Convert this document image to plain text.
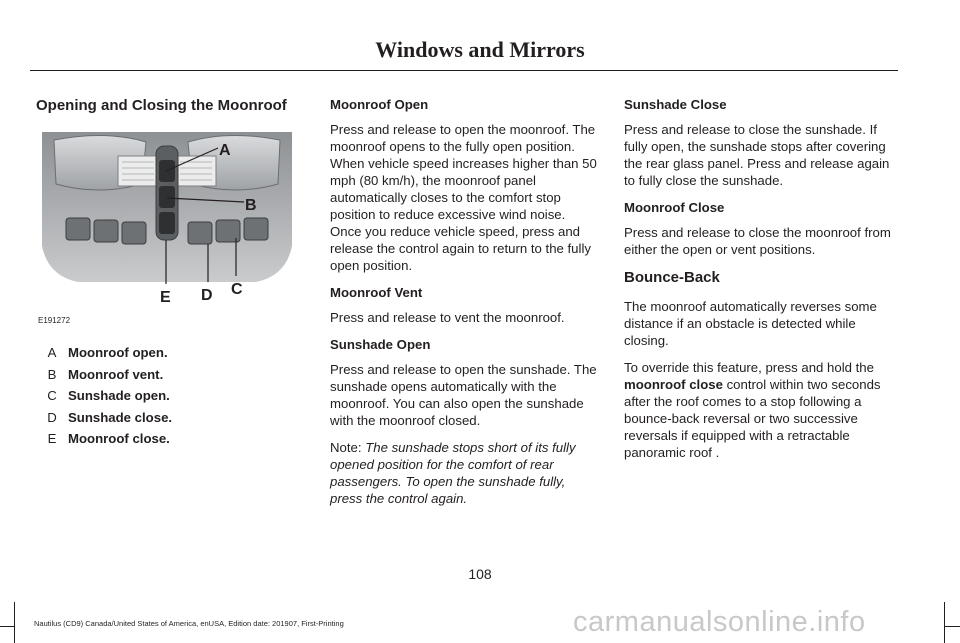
Windows and Mirrors
Opening and Closing the Moonroof
A
B
C
D
E
E191272
A Moonroof open.
B Moonroof vent.
C Sunshade open.
D Sunshade close.
E Moonroof close.
Moonroof Open

Press and release to open the moonroof. The moonroof opens to the fully open position. When vehicle speed increases higher than 50 mph (80 km/h), the moonroof panel automatically closes to the comfort stop position to reduce excessive wind noise. Once you reduce vehicle speed, press and release the control again to return to the fully open position.

Moonroof Vent

Press and release to vent the moonroof.

Sunshade Open

Press and release to open the sunshade. The sunshade opens automatically with the moonroof. You can also open the sunshade with the moonroof closed.

Note: The sunshade stops short of its fully opened position for the comfort of rear passengers. To open the sunshade fully, press the control again.

Sunshade Close

Press and release to close the sunshade. If fully open, the sunshade stops after covering the rear glass panel. Press and release again to fully close the sunshade.

Moonroof Close

Press and release to close the moonroof from either the open or vent positions.

Bounce-Back

The moonroof automatically reverses some distance if an obstacle is detected while closing.

To override this feature, press and hold the moonroof close control within two seconds after the roof comes to a stop following a bounce-back reversal or two successive reversals if equipped with a retractable panoramic roof .

108
Nautilus (CD9) Canada/United States of America, enUSA, Edition date: 201907, First-Printing	carmanualsonline.info
